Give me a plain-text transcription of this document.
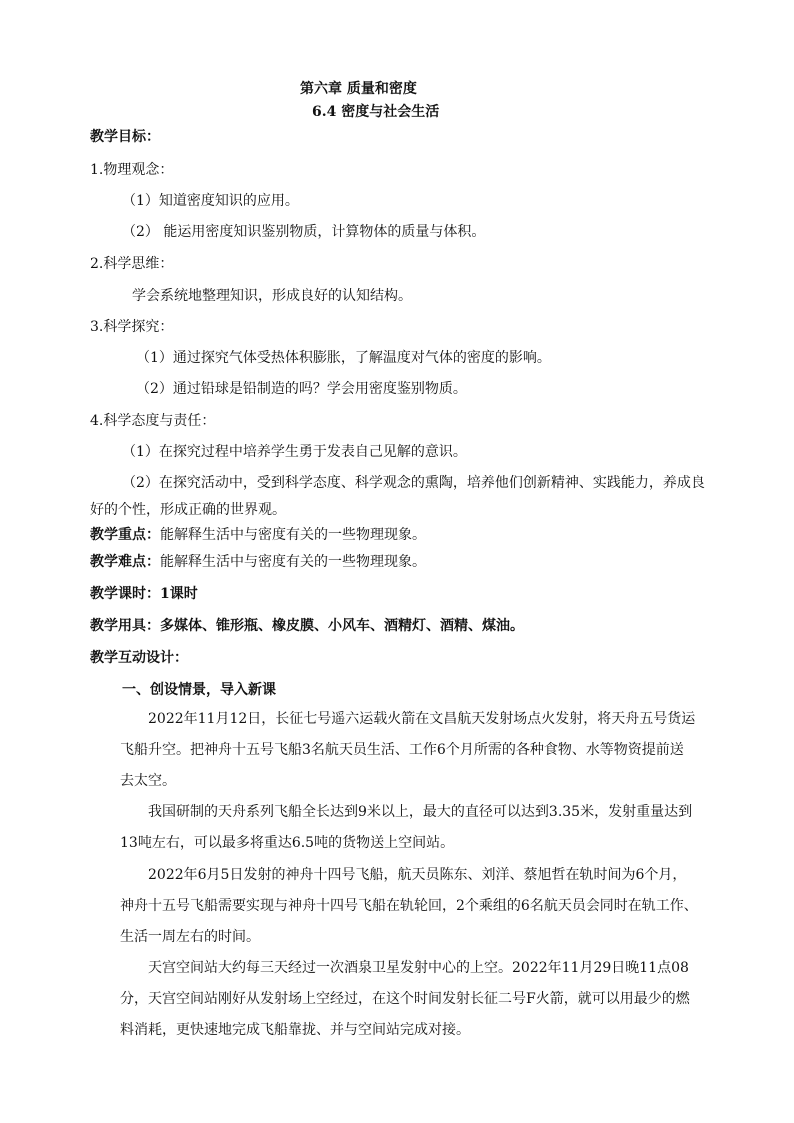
第六章 质量和密度
6.4 密度与社会生活
教学目标：
1.物理观念：
（1）知道密度知识的应用。
（2） 能运用密度知识鉴别物质，计算物体的质量与体积。
2.科学思维：
学会系统地整理知识，形成良好的认知结构。
3.科学探究：
（1）通过探究气体受热体积膨胀，了解温度对气体的密度的影响。
（2）通过铅球是铅制造的吗？学会用密度鉴别物质。
4.科学态度与责任：
（1）在探究过程中培养学生勇于发表自己见解的意识。
（2）在探究活动中，受到科学态度、科学观念的熏陶，培养他们创新精神、实践能力，养成良
好的个性，形成正确的世界观。
教学重点：能解释生活中与密度有关的一些物理现象。
教学难点：能解释生活中与密度有关的一些物理现象。
教学课时：1课时
教学用具：多媒体、锥形瓶、橡皮膜、小风车、酒精灯、酒精、煤油。
教学互动设计：
一、创设情景，导入新课
2022年11月12日，长征七号遥六运载火箭在文昌航天发射场点火发射，将天舟五号货运
飞船升空。把神舟十五号飞船3名航天员生活、工作6个月所需的各种食物、水等物资提前送
去太空。
我国研制的天舟系列飞船全长达到9米以上，最大的直径可以达到3.35米，发射重量达到
13吨左右，可以最多将重达6.5吨的货物送上空间站。
2022年6月5日发射的神舟十四号飞船，航天员陈东、刘洋、蔡旭哲在轨时间为6个月，
神舟十五号飞船需要实现与神舟十四号飞船在轨轮回，2个乘组的6名航天员会同时在轨工作、
生活一周左右的时间。
天宫空间站大约每三天经过一次酒泉卫星发射中心的上空。2022年11月29日晚11点08
分，天宫空间站刚好从发射场上空经过，在这个时间发射长征二号F火箭，就可以用最少的燃
料消耗，更快速地完成飞船靠拢、并与空间站完成对接。
